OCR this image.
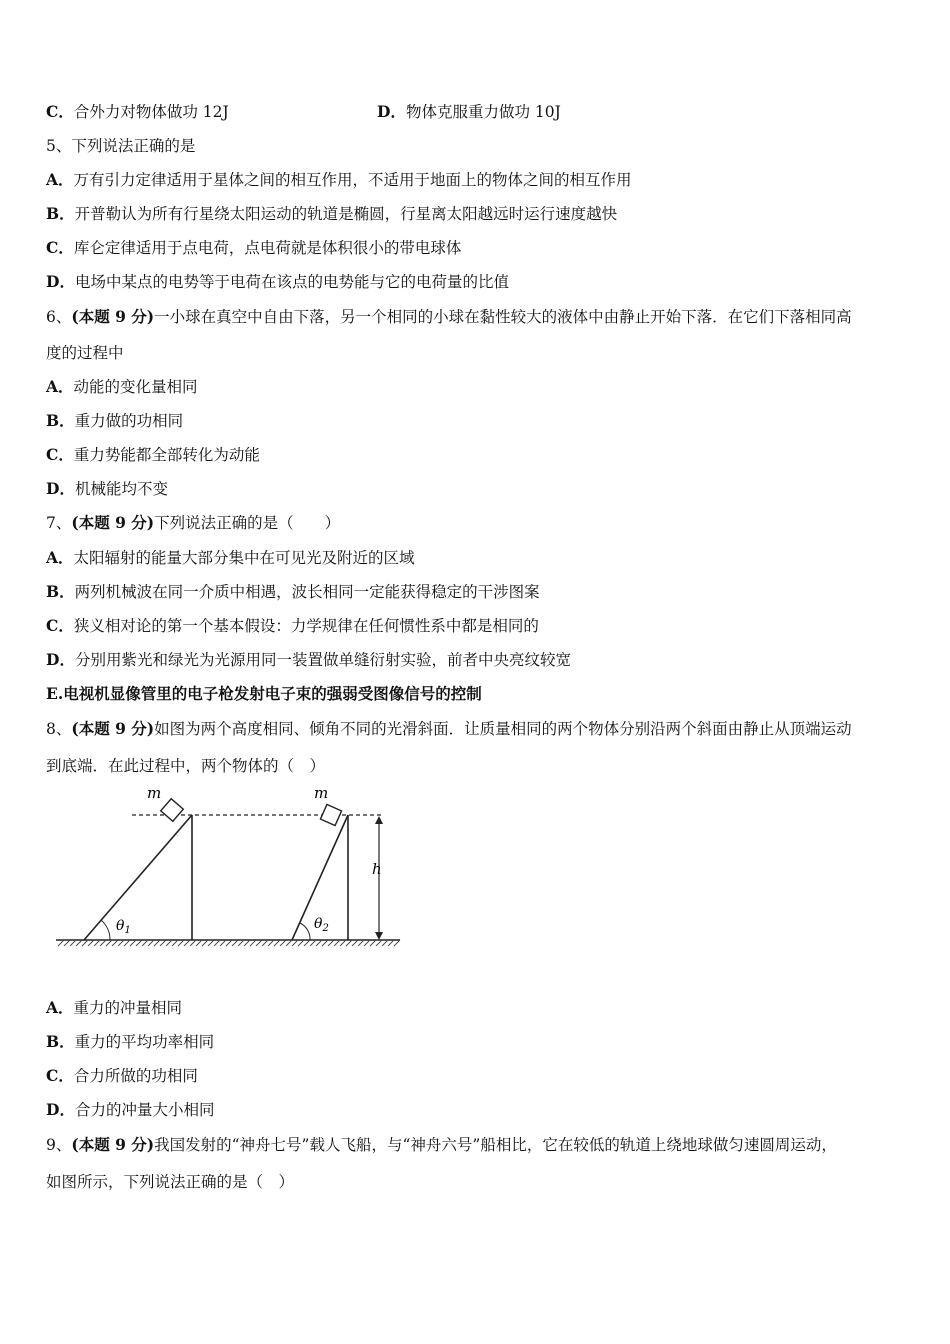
C．合外力对物体做功 12J	D．物体克服重力做功 10J
5、下列说法正确的是
A．万有引力定律适用于星体之间的相互作用，不适用于地面上的物体之间的相互作用
B．开普勒认为所有行星绕太阳运动的轨道是椭圆，行星离太阳越远时运行速度越快
C．库仑定律适用于点电荷，点电荷就是体积很小的带电球体
D．电场中某点的电势等于电荷在该点的电势能与它的电荷量的比值
6、(本题 9 分)一小球在真空中自由下落，另一个相同的小球在黏性较大的液体中由静止开始下落．在它们下落相同高
度的过程中
A．动能的变化量相同
B．重力做的功相同
C．重力势能都全部转化为动能
D．机械能均不变
7、(本题 9 分)下列说法正确的是（　　）
A．太阳辐射的能量大部分集中在可见光及附近的区域
B．两列机械波在同一介质中相遇，波长相同一定能获得稳定的干涉图案
C．狭义相对论的第一个基本假设：力学规律在任何惯性系中都是相同的
D．分别用紫光和绿光为光源用同一装置做单缝衍射实验，前者中央亮纹较宽
E.电视机显像管里的电子枪发射电子束的强弱受图像信号的控制
8、(本题 9 分)如图为两个高度相同、倾角不同的光滑斜面．让质量相同的两个物体分别沿两个斜面由静止从顶端运动
到底端．在此过程中，两个物体的（　）
m	m
h
$\theta_1$	$\theta_2$
A．重力的冲量相同
B．重力的平均功率相同
C．合力所做的功相同
D．合力的冲量大小相同
9、(本题 9 分)我国发射的“神舟七号”载人飞船，与“神舟六号”船相比，它在较低的轨道上绕地球做匀速圆周运动，
如图所示，下列说法正确的是（　）
